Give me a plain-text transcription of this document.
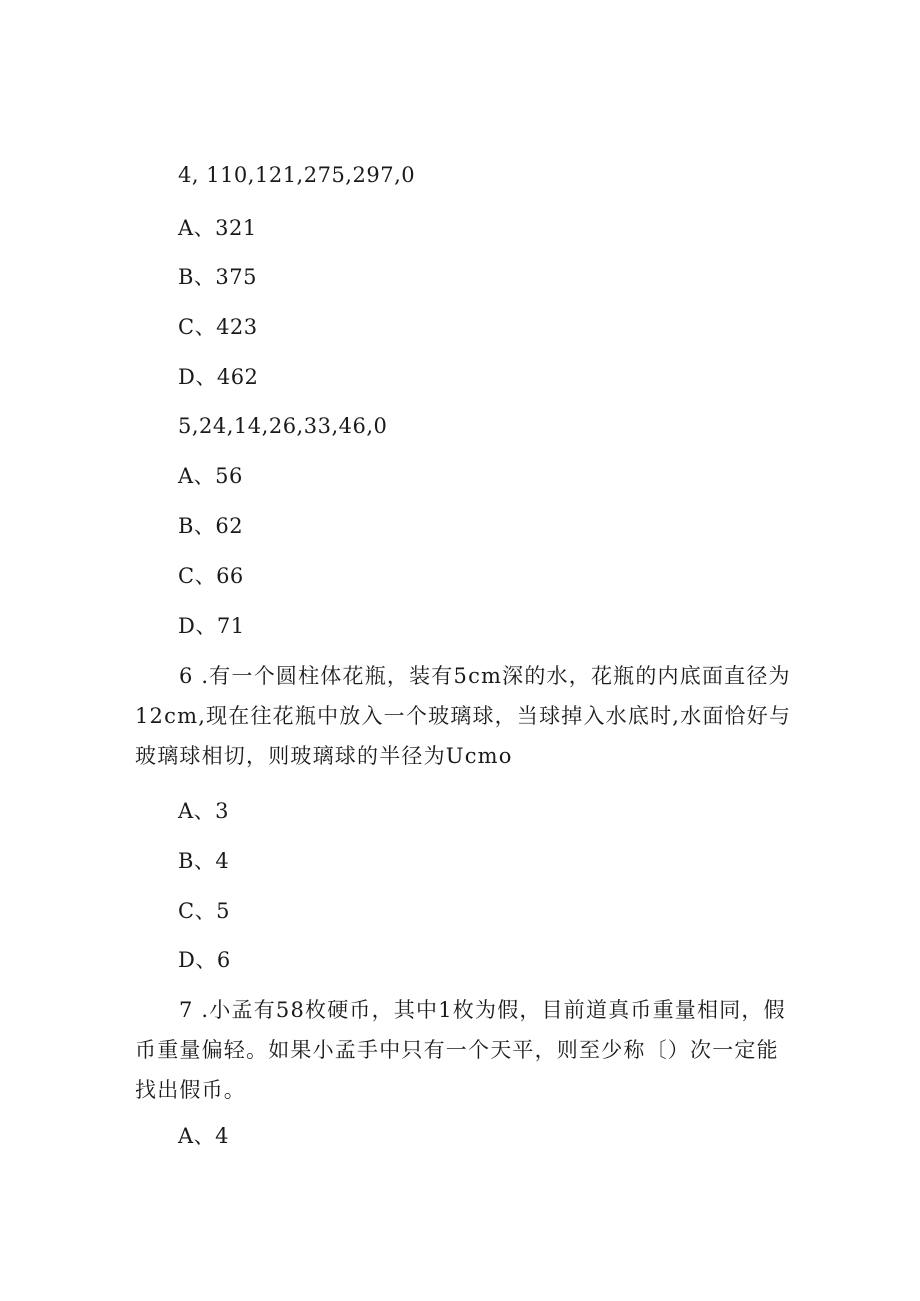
4, 110,121,275,297,0
A、321
B、375
C、423
D、462
5,24,14,26,33,46,0
A、56
B、62
C、66
D、71
6 .有一个圆柱体花瓶，装有5cm深的水，花瓶的内底面直径为12cm,现在往花瓶中放入一个玻璃球，当球掉入水底时,水面恰好与玻璃球相切，则玻璃球的半径为Ucmo
A、3
B、4
C、5
D、6
7 .小孟有58枚硬币，其中1枚为假，目前道真币重量相同，假币重量偏轻。如果小孟手中只有一个天平，则至少称〔）次一定能找出假币。
A、4
